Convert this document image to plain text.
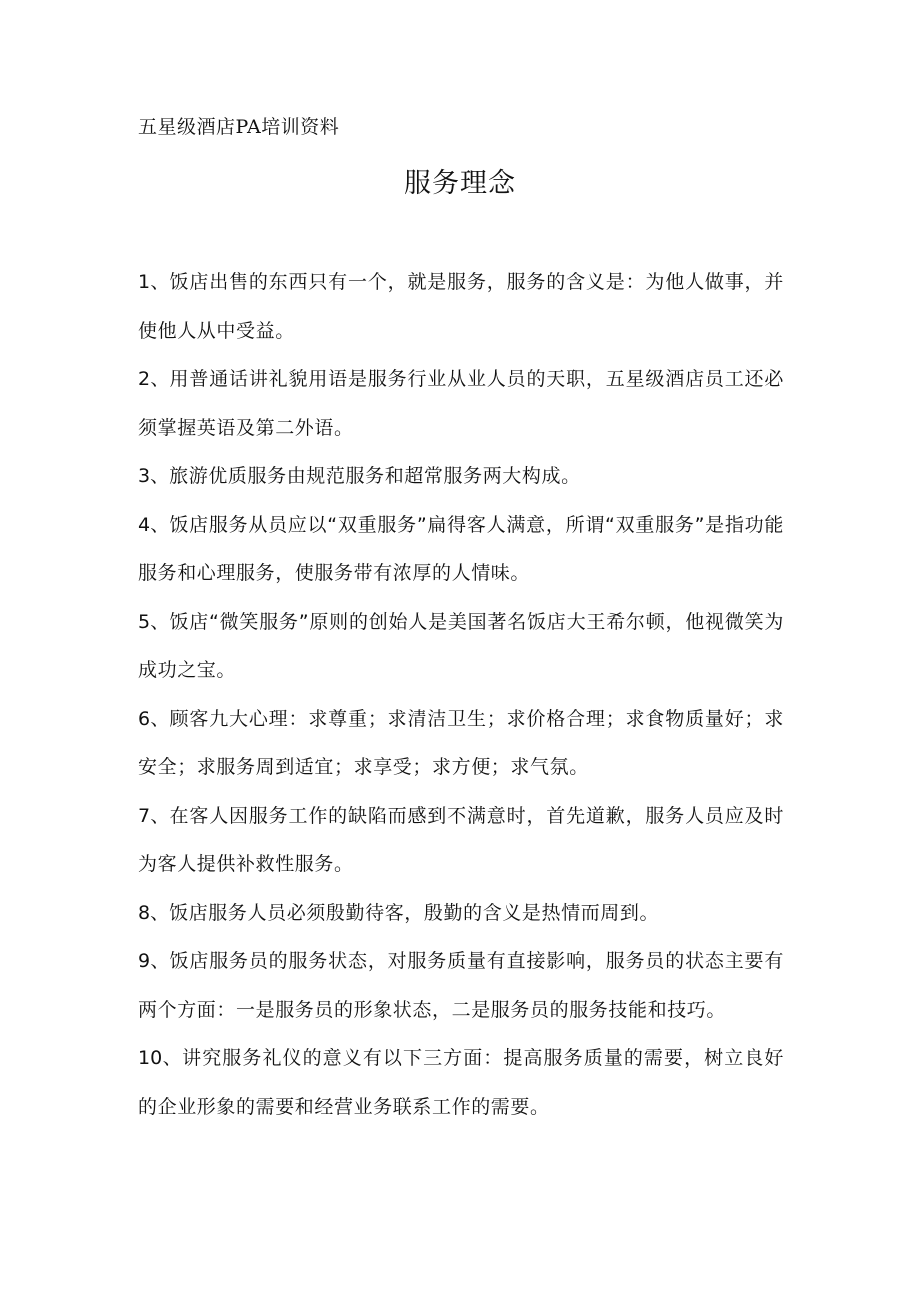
五星级酒店PA培训资料
服务理念
1、饭店出售的东西只有一个，就是服务，服务的含义是：为他人做事，并使他人从中受益。
2、用普通话讲礼貌用语是服务行业从业人员的天职，五星级酒店员工还必须掌握英语及第二外语。
3、旅游优质服务由规范服务和超常服务两大构成。
4、饭店服务从员应以“双重服务”扁得客人满意，所谓“双重服务”是指功能服务和心理服务，使服务带有浓厚的人情味。
5、饭店“微笑服务”原则的创始人是美国著名饭店大王希尔顿，他视微笑为成功之宝。
6、顾客九大心理：求尊重；求清洁卫生；求价格合理；求食物质量好；求安全；求服务周到适宜；求享受；求方便；求气氛。
7、在客人因服务工作的缺陷而感到不满意时，首先道歉，服务人员应及时为客人提供补救性服务。
8、饭店服务人员必须殷勤待客，殷勤的含义是热情而周到。
9、饭店服务员的服务状态，对服务质量有直接影响，服务员的状态主要有两个方面：一是服务员的形象状态，二是服务员的服务技能和技巧。
10、讲究服务礼仪的意义有以下三方面：提高服务质量的需要，树立良好的企业形象的需要和经营业务联系工作的需要。
